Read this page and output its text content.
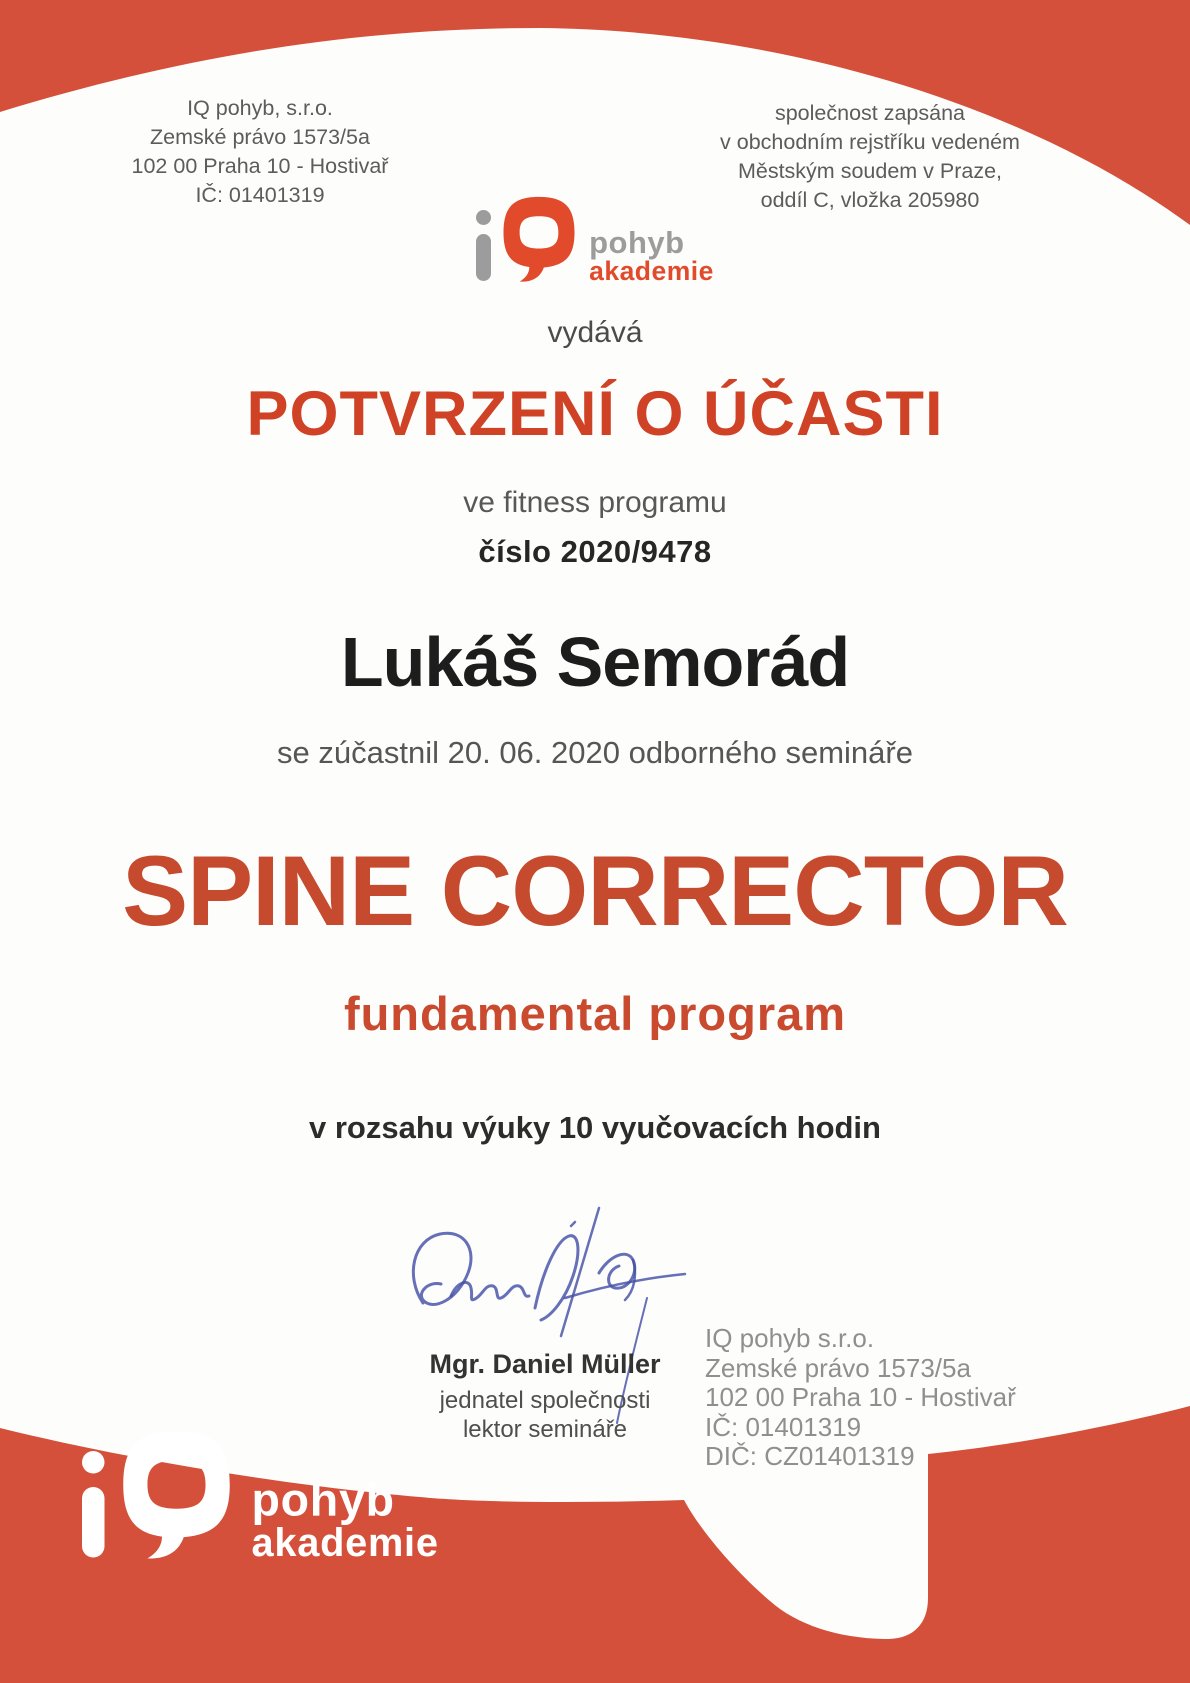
IQ pohyb, s.r.o.
Zemské právo 1573/5a
102 00 Praha 10 - Hostivař
IČ: 01401319
společnost zapsána
v obchodním rejstříku vedeném
Městským soudem v Praze,
oddíl C, vložka 205980
pohyb
akademie
vydává
POTVRZENÍ O ÚČASTI
ve fitness programu
číslo 2020/9478
Lukáš Semorád
se zúčastnil 20. 06. 2020 odborného semináře
SPINE CORRECTOR
fundamental program
v rozsahu výuky 10 vyučovacích hodin
Mgr. Daniel Müller
jednatel společnosti
lektor semináře
IQ pohyb s.r.o.
Zemské právo 1573/5a
102 00 Praha 10 - Hostivař
IČ: 01401319
DIČ: CZ01401319
pohyb
akademie
